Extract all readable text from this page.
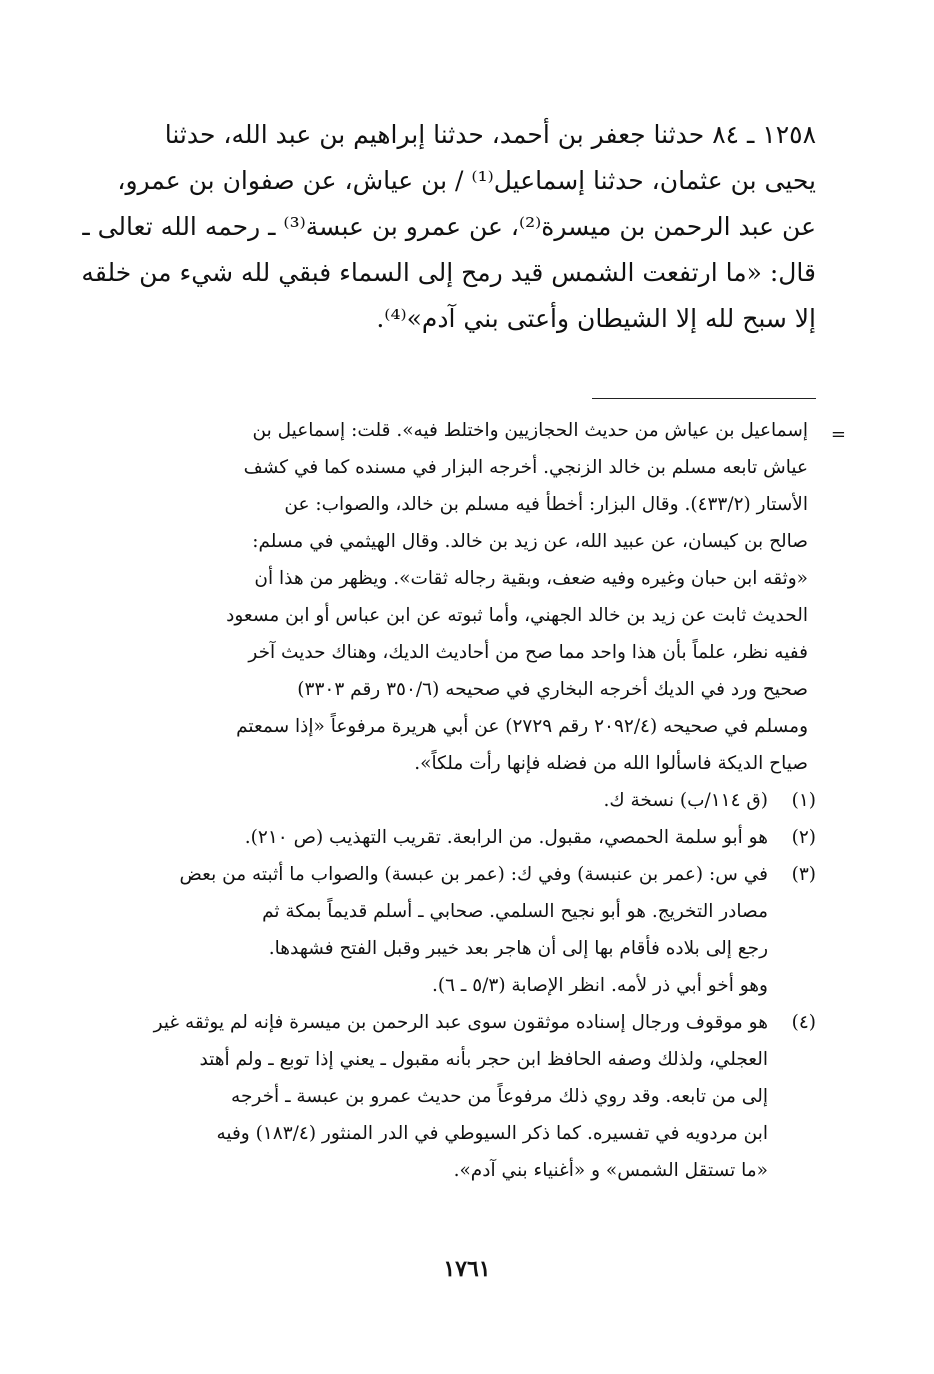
١٢٥٨ ـ ٨٤ حدثنا جعفر بن أحمد، حدثنا إبراهيم بن عبد الله، حدثنا
يحيى بن عثمان، حدثنا إسماعيل⁽¹⁾ / بن عياش، عن صفوان بن عمرو،
عن عبد الرحمن بن ميسرة⁽²⁾، عن عمرو بن عبسة⁽³⁾ ـ رحمه الله تعالى ـ
قال: «ما ارتفعت الشمس قيد رمح إلى السماء فبقي لله شيء من خلقه
إلا سبح لله إلا الشيطان وأعتى بني آدم»⁽⁴⁾.
=
إسماعيل بن عياش من حديث الحجازيين واختلط فيه». قلت: إسماعيل بن
عياش تابعه مسلم بن خالد الزنجي. أخرجه البزار في مسنده كما في كشف
الأستار (٤٣٣/٢). وقال البزار: أخطأ فيه مسلم بن خالد، والصواب: عن
صالح بن كيسان، عن عبيد الله، عن زيد بن خالد. وقال الهيثمي في مسلم:
«وثقه ابن حبان وغيره وفيه ضعف، وبقية رجاله ثقات». ويظهر من هذا أن
الحديث ثابت عن زيد بن خالد الجهني، وأما ثبوته عن ابن عباس أو ابن مسعود
ففيه نظر، علماً بأن هذا واحد مما صح من أحاديث الديك، وهناك حديث آخر
صحيح ورد في الديك أخرجه البخاري في صحيحه (٣٥٠/٦ رقم ٣٣٠٣)
ومسلم في صحيحه (٢٠٩٢/٤ رقم ٢٧٢٩) عن أبي هريرة مرفوعاً «إذا سمعتم
صياح الديكة فاسألوا الله من فضله فإنها رأت ملكاً».
(١)
(ق ١١٤/ب) نسخة ك.
(٢)
هو أبو سلمة الحمصي، مقبول. من الرابعة. تقريب التهذيب (ص ٢١٠).
(٣)
في س: (عمر بن عنبسة) وفي ك: (عمر بن عبسة) والصواب ما أثبته من بعض
مصادر التخريج. هو أبو نجيح السلمي. صحابي ـ أسلم قديماً بمكة ثم
رجع إلى بلاده فأقام بها إلى أن هاجر بعد خيبر وقبل الفتح فشهدها.
وهو أخو أبي ذر لأمه. انظر الإصابة (٥/٣ ـ ٦).
(٤)
هو موقوف ورجال إسناده موثقون سوى عبد الرحمن بن ميسرة فإنه لم يوثقه غير
العجلي، ولذلك وصفه الحافظ ابن حجر بأنه مقبول ـ يعني إذا توبع ـ ولم أهتد
إلى من تابعه. وقد روي ذلك مرفوعاً من حديث عمرو بن عبسة ـ أخرجه
ابن مردويه في تفسيره. كما ذكر السيوطي في الدر المنثور (١٨٣/٤) وفيه
«ما تستقل الشمس» و «أغنياء بني آدم».
١٧٦١
